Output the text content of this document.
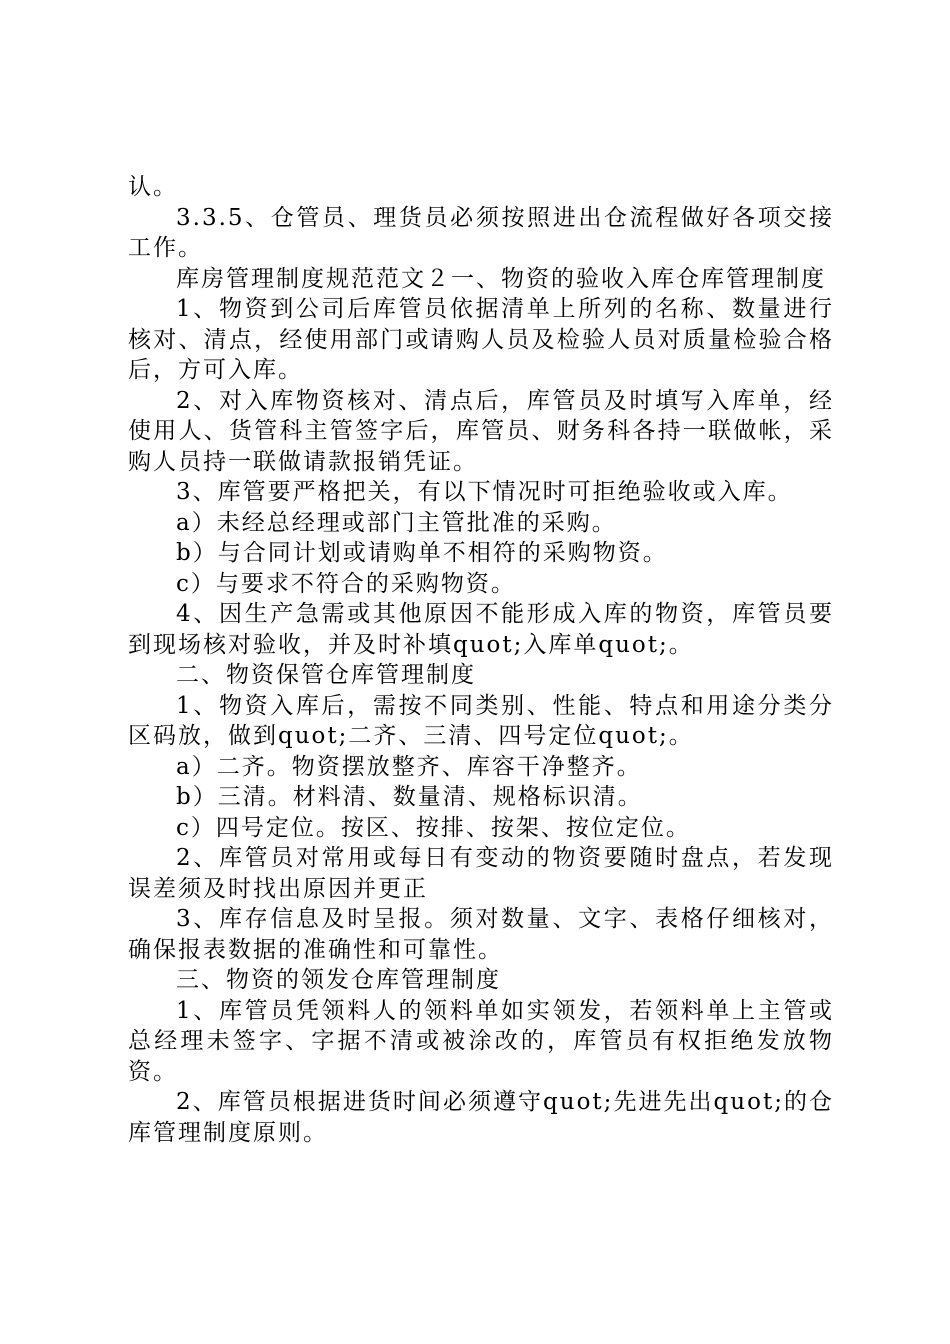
认。

3.3.5、仓管员、理货员必须按照进出仓流程做好各项交接工作。

库房管理制度规范范文２一、物资的验收入库仓库管理制度

1、物资到公司后库管员依据清单上所列的名称、数量进行核对、清点，经使用部门或请购人员及检验人员对质量检验合格后，方可入库。

2、对入库物资核对、清点后，库管员及时填写入库单，经使用人、货管科主管签字后，库管员、财务科各持一联做帐，采购人员持一联做请款报销凭证。

3、库管要严格把关，有以下情况时可拒绝验收或入库。

a）未经总经理或部门主管批准的采购。

b）与合同计划或请购单不相符的采购物资。

c）与要求不符合的采购物资。

4、因生产急需或其他原因不能形成入库的物资，库管员要到现场核对验收，并及时补填quot;入库单quot;。

二、物资保管仓库管理制度

1、物资入库后，需按不同类别、性能、特点和用途分类分区码放，做到quot;二齐、三清、四号定位quot;。

a）二齐。物资摆放整齐、库容干净整齐。

b）三清。材料清、数量清、规格标识清。

c）四号定位。按区、按排、按架、按位定位。

2、库管员对常用或每日有变动的物资要随时盘点，若发现误差须及时找出原因并更正

3、库存信息及时呈报。须对数量、文字、表格仔细核对，确保报表数据的准确性和可靠性。

三、物资的领发仓库管理制度

1、库管员凭领料人的领料单如实领发，若领料单上主管或总经理未签字、字据不清或被涂改的，库管员有权拒绝发放物资。

2、库管员根据进货时间必须遵守quot;先进先出quot;的仓库管理制度原则。
